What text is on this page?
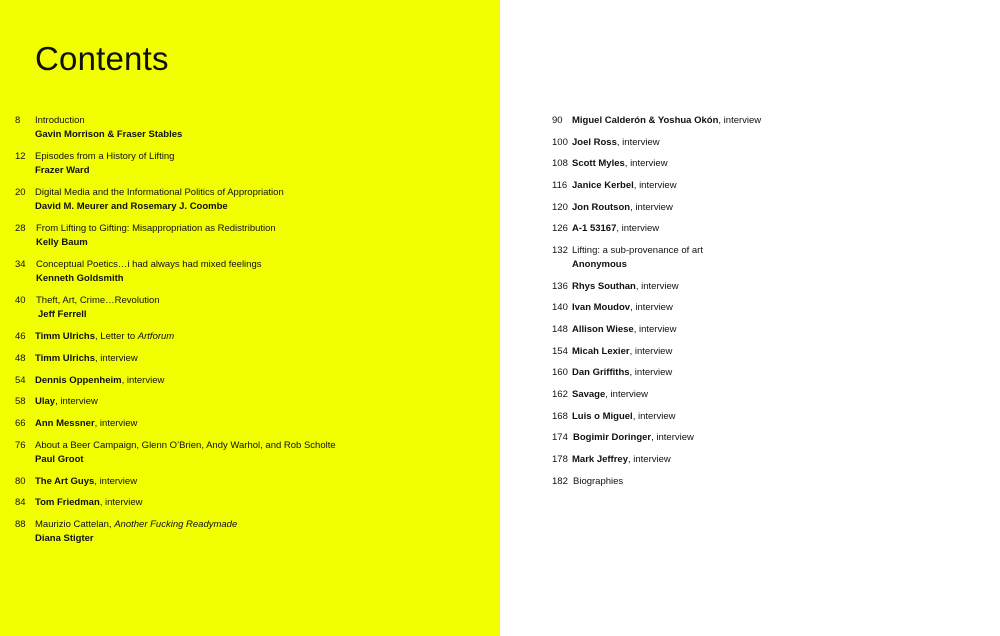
Contents
8 Introduction
Gavin Morrison & Fraser Stables
12 Episodes from a History of Lifting
Frazer Ward
20 Digital Media and the Informational Politics of Appropriation
David M. Meurer and Rosemary J. Coombe
28 From Lifting to Gifting: Misappropriation as Redistribution
Kelly Baum
34 Conceptual Poetics…i had always had mixed feelings
Kenneth Goldsmith
40 Theft, Art, Crime…Revolution
Jeff Ferrell
46 Timm Ulrichs, Letter to Artforum
48 Timm Ulrichs, interview
54 Dennis Oppenheim, interview
58 Ulay, interview
66 Ann Messner, interview
76 About a Beer Campaign, Glenn O’Brien, Andy Warhol, and Rob Scholte
Paul Groot
80 The Art Guys, interview
84 Tom Friedman, interview
88 Maurizio Cattelan, Another Fucking Readymade
Diana Stigter
90 Miguel Calderón & Yoshua Okón, interview
100 Joel Ross, interview
108 Scott Myles, interview
116 Janice Kerbel, interview
120 Jon Routson, interview
126 A-1 53167, interview
132 Lifting: a sub-provenance of art
Anonymous
136 Rhys Southan, interview
140 Ivan Moudov, interview
148 Allison Wiese, interview
154 Micah Lexier, interview
160 Dan Griffiths, interview
162 Savage, interview
168 Luis o Miguel, interview
174 Bogimir Doringer, interview
178 Mark Jeffrey, interview
182 Biographies
